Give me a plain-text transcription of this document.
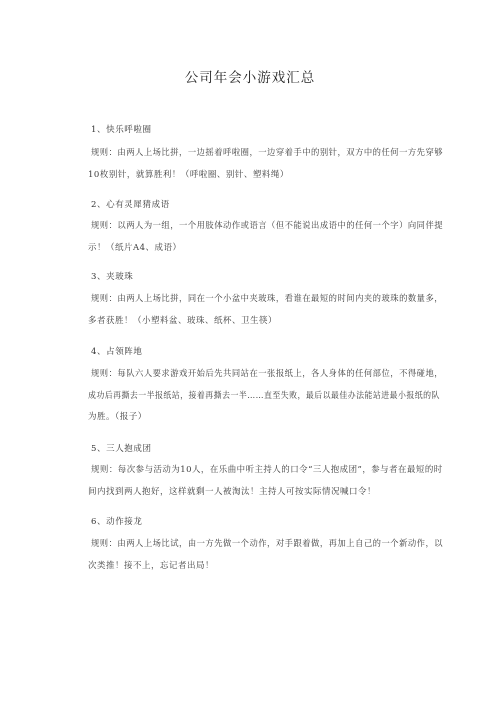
公司年会小游戏汇总
1、快乐呼啦圈
规则：由两人上场比拼，一边摇着呼啦圈，一边穿着手中的别针，双方中的任何一方先穿够
10枚别针，就算胜利！（呼啦圈、别针、塑料绳）
2、心有灵犀猜成语
规则：以两人为一组，一个用肢体动作或语言（但不能说出成语中的任何一个字）向同伴提
示！（纸片A4、成语）
3、夹玻珠
规则：由两人上场比拼，同在一个小盆中夹玻珠，看谁在最短的时间内夹的玻珠的数量多，
多者获胜！（小塑料盆、玻珠、纸杯、卫生筷）
4、占领阵地
规则：每队六人要求游戏开始后先共同站在一张报纸上，各人身体的任何部位，不得碰地，
成功后再撕去一半报纸站，接着再撕去一半……直至失败，最后以最佳办法能站进最小报纸的队
为胜。（报子）
5、三人抱成团
规则：每次参与活动为10人，在乐曲中听主持人的口令“三人抱成团”，参与者在最短的时
间内找到两人抱好，这样就剩一人被淘汰！主持人可按实际情况喊口令！
6、动作接龙
规则：由两人上场比试，由一方先做一个动作，对手跟着做，再加上自己的一个新动作，以
次类推！接不上，忘记者出局！
